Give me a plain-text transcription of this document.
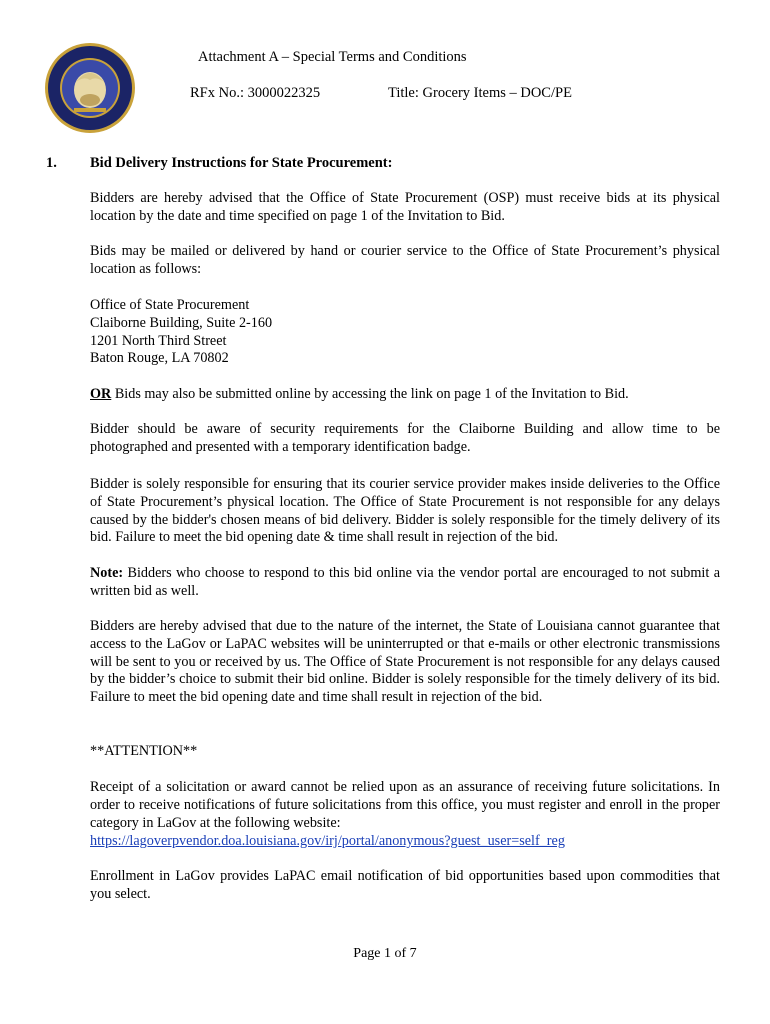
Attachment A – Special Terms and Conditions
RFx No.: 3000022325	Title: Grocery Items – DOC/PE
1. Bid Delivery Instructions for State Procurement:

Bidders are hereby advised that the Office of State Procurement (OSP) must receive bids at its physical location by the date and time specified on page 1 of the Invitation to Bid.

Bids may be mailed or delivered by hand or courier service to the Office of State Procurement’s physical location as follows:

Office of State Procurement
Claiborne Building, Suite 2-160
1201 North Third Street
Baton Rouge, LA 70802
OR Bids may also be submitted online by accessing the link on page 1 of the Invitation to Bid.

Bidder should be aware of security requirements for the Claiborne Building and allow time to be photographed and presented with a temporary identification badge.

Bidder is solely responsible for ensuring that its courier service provider makes inside deliveries to the Office of State Procurement’s physical location. The Office of State Procurement is not responsible for any delays caused by the bidder's chosen means of bid delivery. Bidder is solely responsible for the timely delivery of its bid. Failure to meet the bid opening date & time shall result in rejection of the bid.

Note: Bidders who choose to respond to this bid online via the vendor portal are encouraged to not submit a written bid as well.

Bidders are hereby advised that due to the nature of the internet, the State of Louisiana cannot guarantee that access to the LaGov or LaPAC websites will be uninterrupted or that e-mails or other electronic transmissions will be sent to you or received by us. The Office of State Procurement is not responsible for any delays caused by the bidder’s choice to submit their bid online. Bidder is solely responsible for the timely delivery of its bid. Failure to meet the bid opening date and time shall result in rejection of the bid.

**ATTENTION**

Receipt of a solicitation or award cannot be relied upon as an assurance of receiving future solicitations. In order to receive notifications of future solicitations from this office, you must register and enroll in the proper category in LaGov at the following website:

https://lagoverpvendor.doa.louisiana.gov/irj/portal/anonymous?guest_user=self_reg

Enrollment in LaGov provides LaPAC email notification of bid opportunities based upon commodities that you select.

Page 1 of 7
